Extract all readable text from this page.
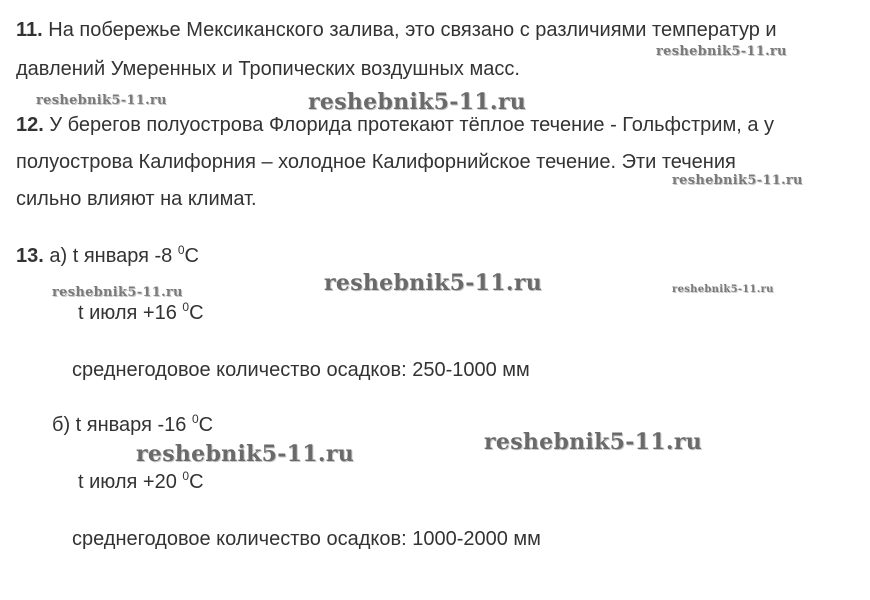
11. На побережье Мексиканского залива, это связано с различиями температур и
давлений Умеренных и Тропических воздушных масс.
12. У берегов полуострова Флорида протекают тёплое течение - Гольфстрим, а у
полуострова Калифорния – холодное Калифорнийское течение. Эти течения
сильно влияют на климат.
13. а) t января -8 $^0$C
t июля +16 $^0$C
среднегодовое количество осадков: 250-1000 мм
б) t января -16 $^0$C
t июля +20 $^0$C
среднегодовое количество осадков: 1000-2000 мм
reshebnik5-11.ru
reshebnik5-11.ru	reshebnik5-11.ru
reshebnik5-11.ru
reshebnik5-11.ru
reshebnik5-11.ru	reshebnik5-11.ru
reshebnik5-11.ru
reshebnik5-11.ru
